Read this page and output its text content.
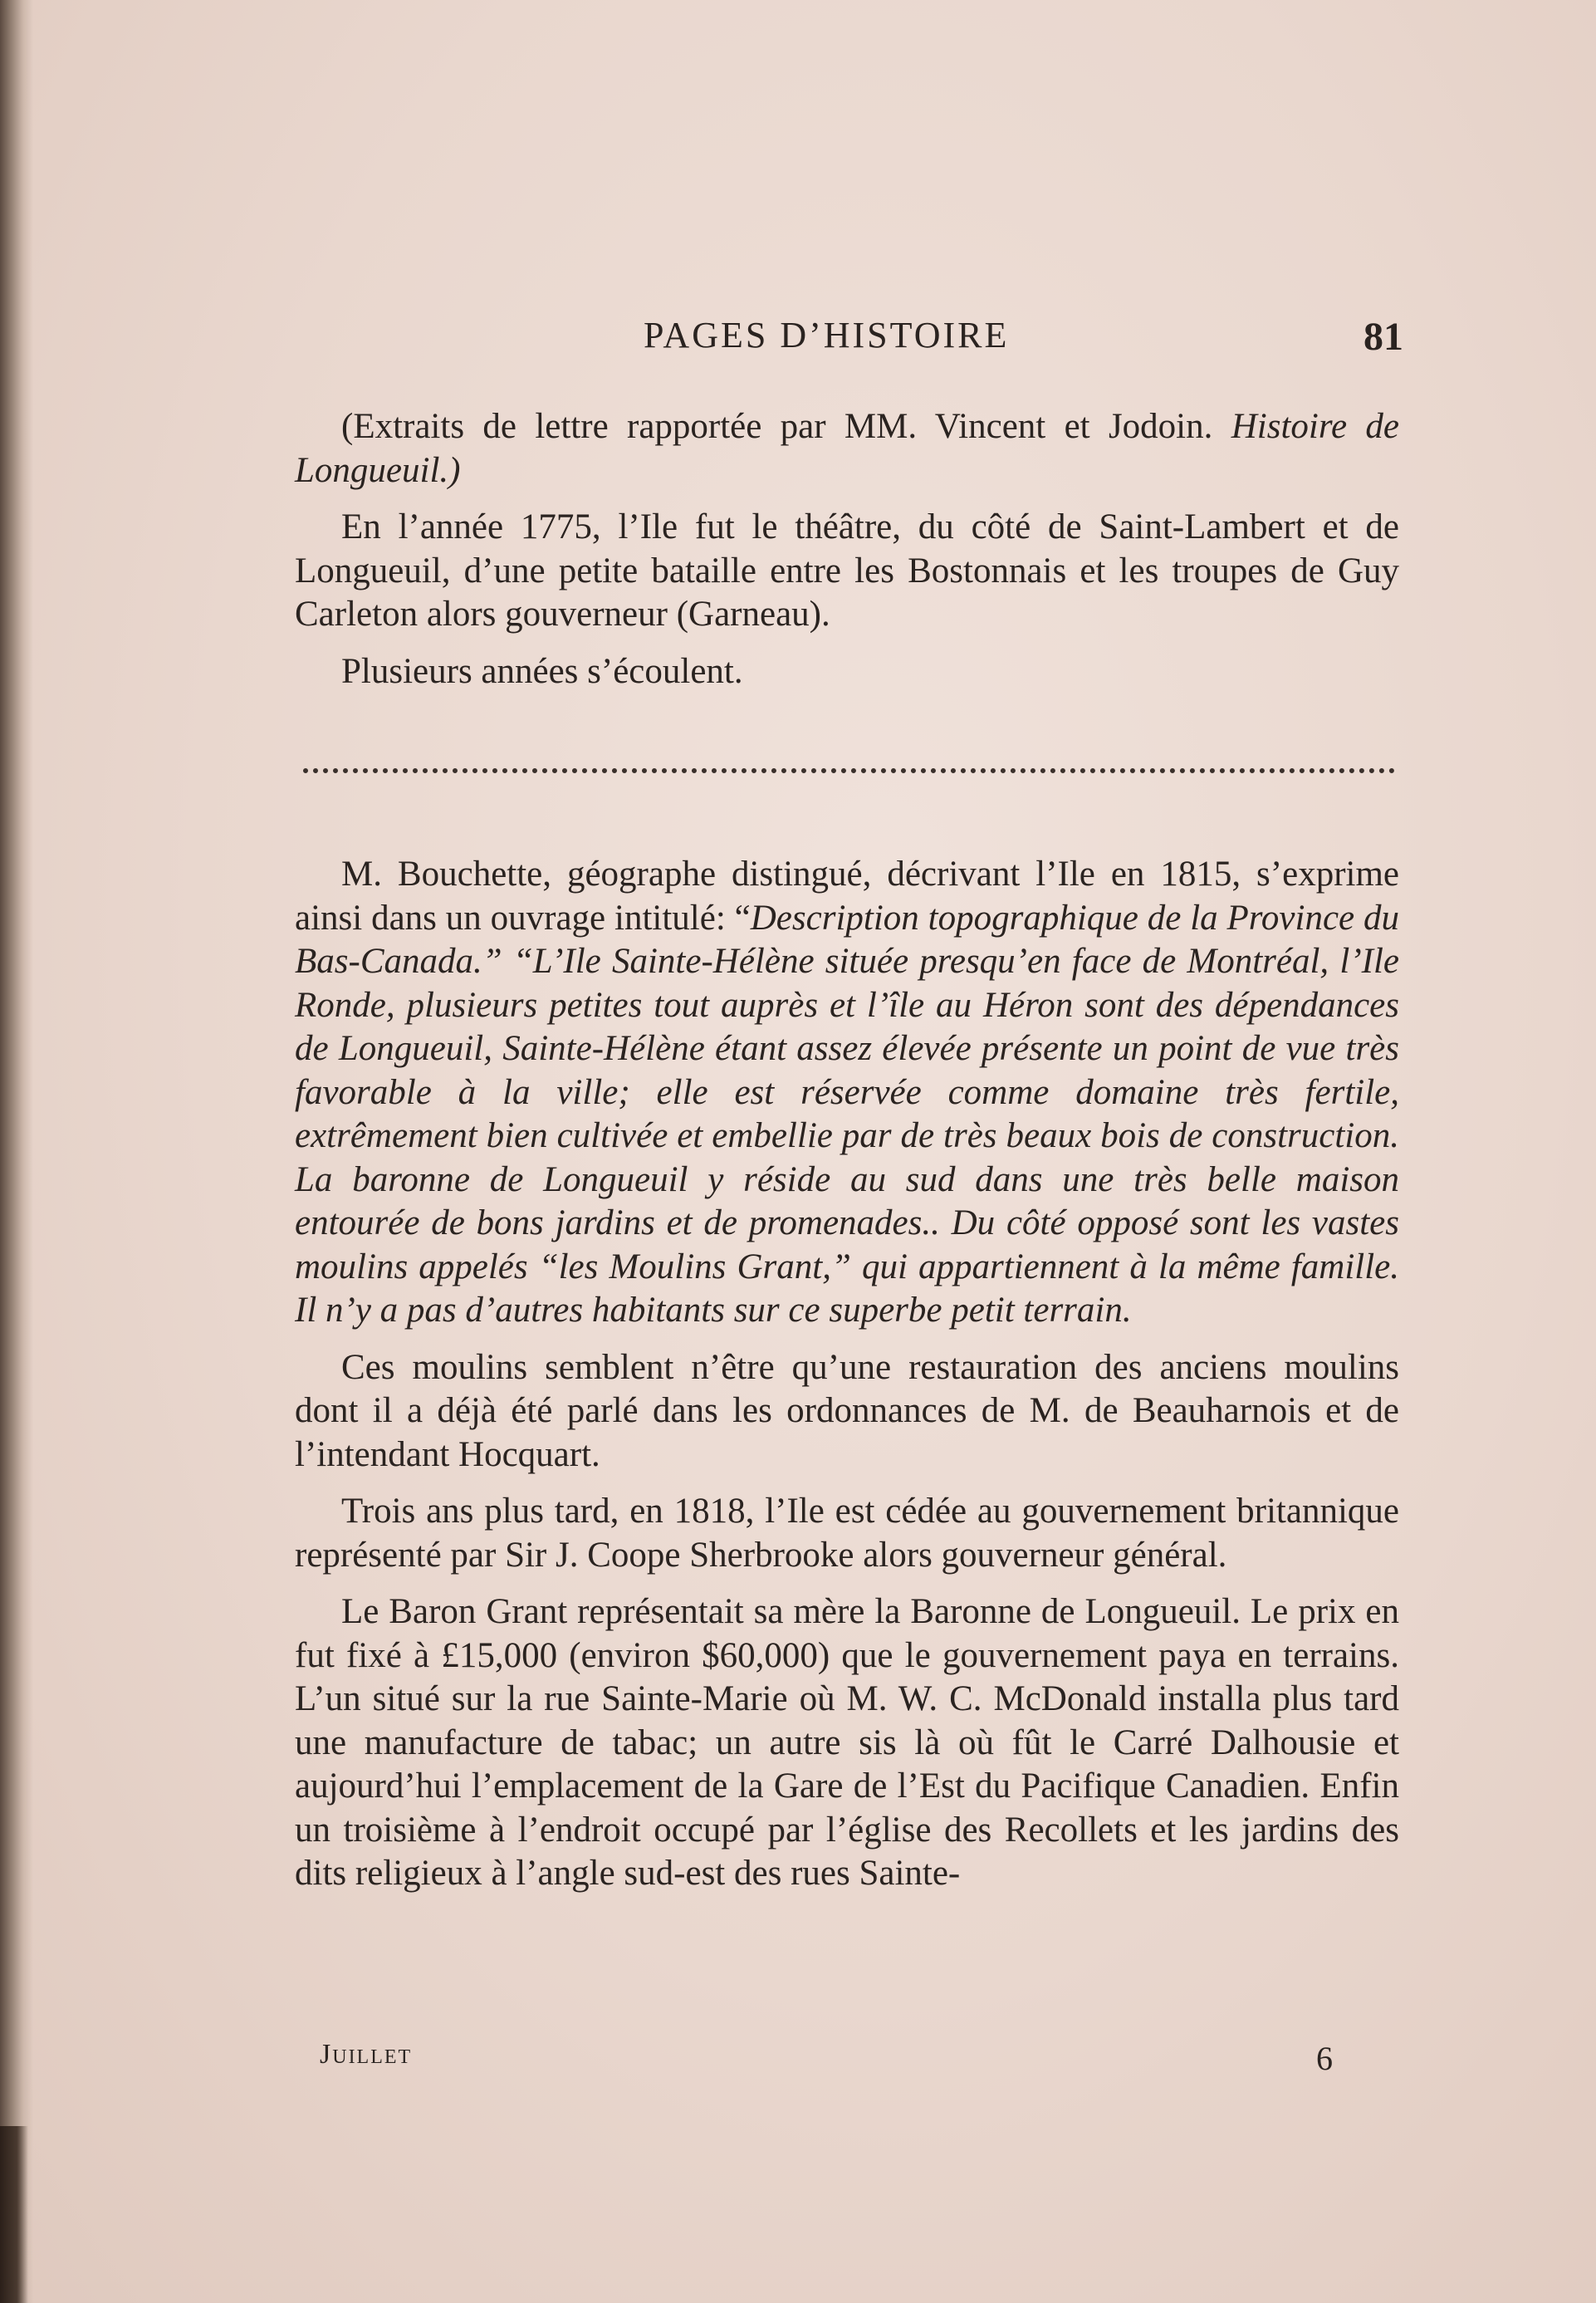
PAGES D’HISTOIRE	81

(Extraits de lettre rapportée par MM. Vincent et Jodoin. Histoire de Longueuil.)

En l’année 1775, l’Ile fut le théâtre, du côté de Saint-Lambert et de Longueuil, d’une petite bataille entre les Bostonnais et les troupes de Guy Carleton alors gouverneur (Garneau).

Plusieurs années s’écoulent.

M. Bouchette, géographe distingué, décrivant l’Ile en 1815, s’exprime ainsi dans un ouvrage intitulé: “Description topographique de la Province du Bas-Canada.” “L’Ile Sainte-Hélène située presqu’en face de Montréal, l’Ile Ronde, plusieurs petites tout auprès et l’île au Héron sont des dépendances de Longueuil, Sainte-Hélène étant assez élevée présente un point de vue très favorable à la ville; elle est réservée comme domaine très fertile, extrêmement bien cultivée et embellie par de très beaux bois de construction. La baronne de Longueuil y réside au sud dans une très belle maison entourée de bons jardins et de promenades.. Du côté opposé sont les vastes moulins appelés “les Moulins Grant,” qui appartiennent à la même famille. Il n’y a pas d’autres habitants sur ce superbe petit terrain.

Ces moulins semblent n’être qu’une restauration des anciens moulins dont il a déjà été parlé dans les ordonnances de M. de Beauharnois et de l’intendant Hocquart.

Trois ans plus tard, en 1818, l’Ile est cédée au gouvernement britannique représenté par Sir J. Coope Sherbrooke alors gouverneur général.

Le Baron Grant représentait sa mère la Baronne de Longueuil. Le prix en fut fixé à £15,000 (environ $60,000) que le gouvernement paya en terrains. L’un situé sur la rue Sainte-Marie où M. W. C. McDonald installa plus tard une manufacture de tabac; un autre sis là où fût le Carré Dalhousie et aujourd’hui l’emplacement de la Gare de l’Est du Pacifique Canadien. Enfin un troisième à l’endroit occupé par l’église des Recollets et les jardins des dits religieux à l’angle sud-est des rues Sainte-

Juillet	6
